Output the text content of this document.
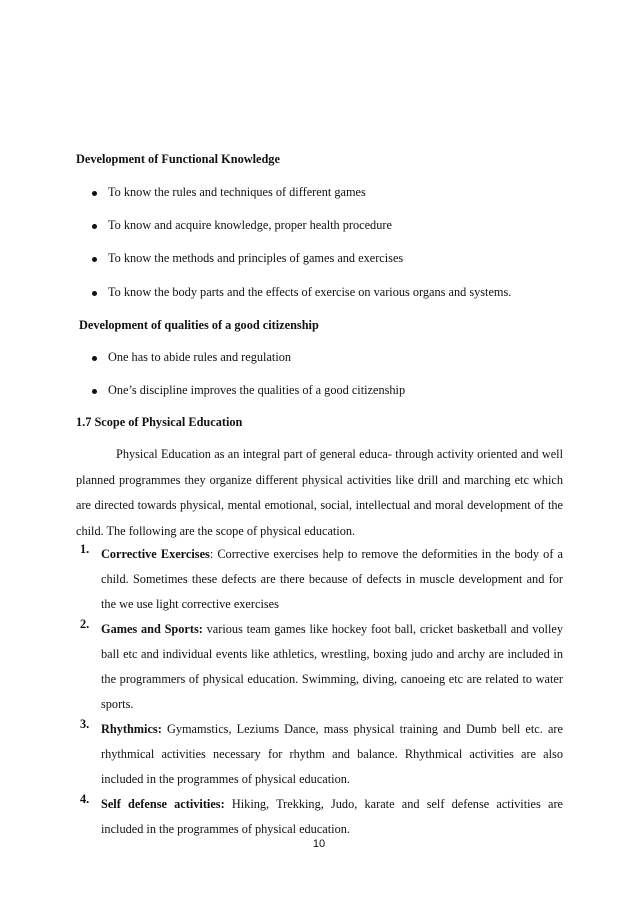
Development of Functional Knowledge
To know the rules and techniques of different games
To know and acquire knowledge, proper health procedure
To know the methods and principles of games and exercises
To know the body parts and the effects of exercise on various organs and systems.
Development of qualities of a good citizenship
One has to abide rules and regulation
One’s discipline improves the qualities of a good citizenship
1.7 Scope of Physical Education

Physical Education as an integral part of general educa- through activity oriented and well planned programmes they organize different physical activities like drill and marching etc which are directed towards physical, mental emotional, social, intellectual and moral development of the child. The following are the scope of physical education.

1. Corrective Exercises: Corrective exercises help to remove the deformities in the body of a child. Sometimes these defects are there because of defects in muscle development and for the we use light corrective exercises

2. Games and Sports: various team games like hockey foot ball, cricket basketball and volley ball etc and individual events like athletics, wrestling, boxing judo and archy are included in the programmers of physical education. Swimming, diving, canoeing etc are related to water sports.

3. Rhythmics: Gymamstics, Leziums Dance, mass physical training and Dumb bell etc. are rhythmical activities necessary for rhythm and balance. Rhythmical activities are also included in the programmes of physical education.

4. Self defense activities: Hiking, Trekking, Judo, karate and self defense activities are included in the programmes of physical education.

10
